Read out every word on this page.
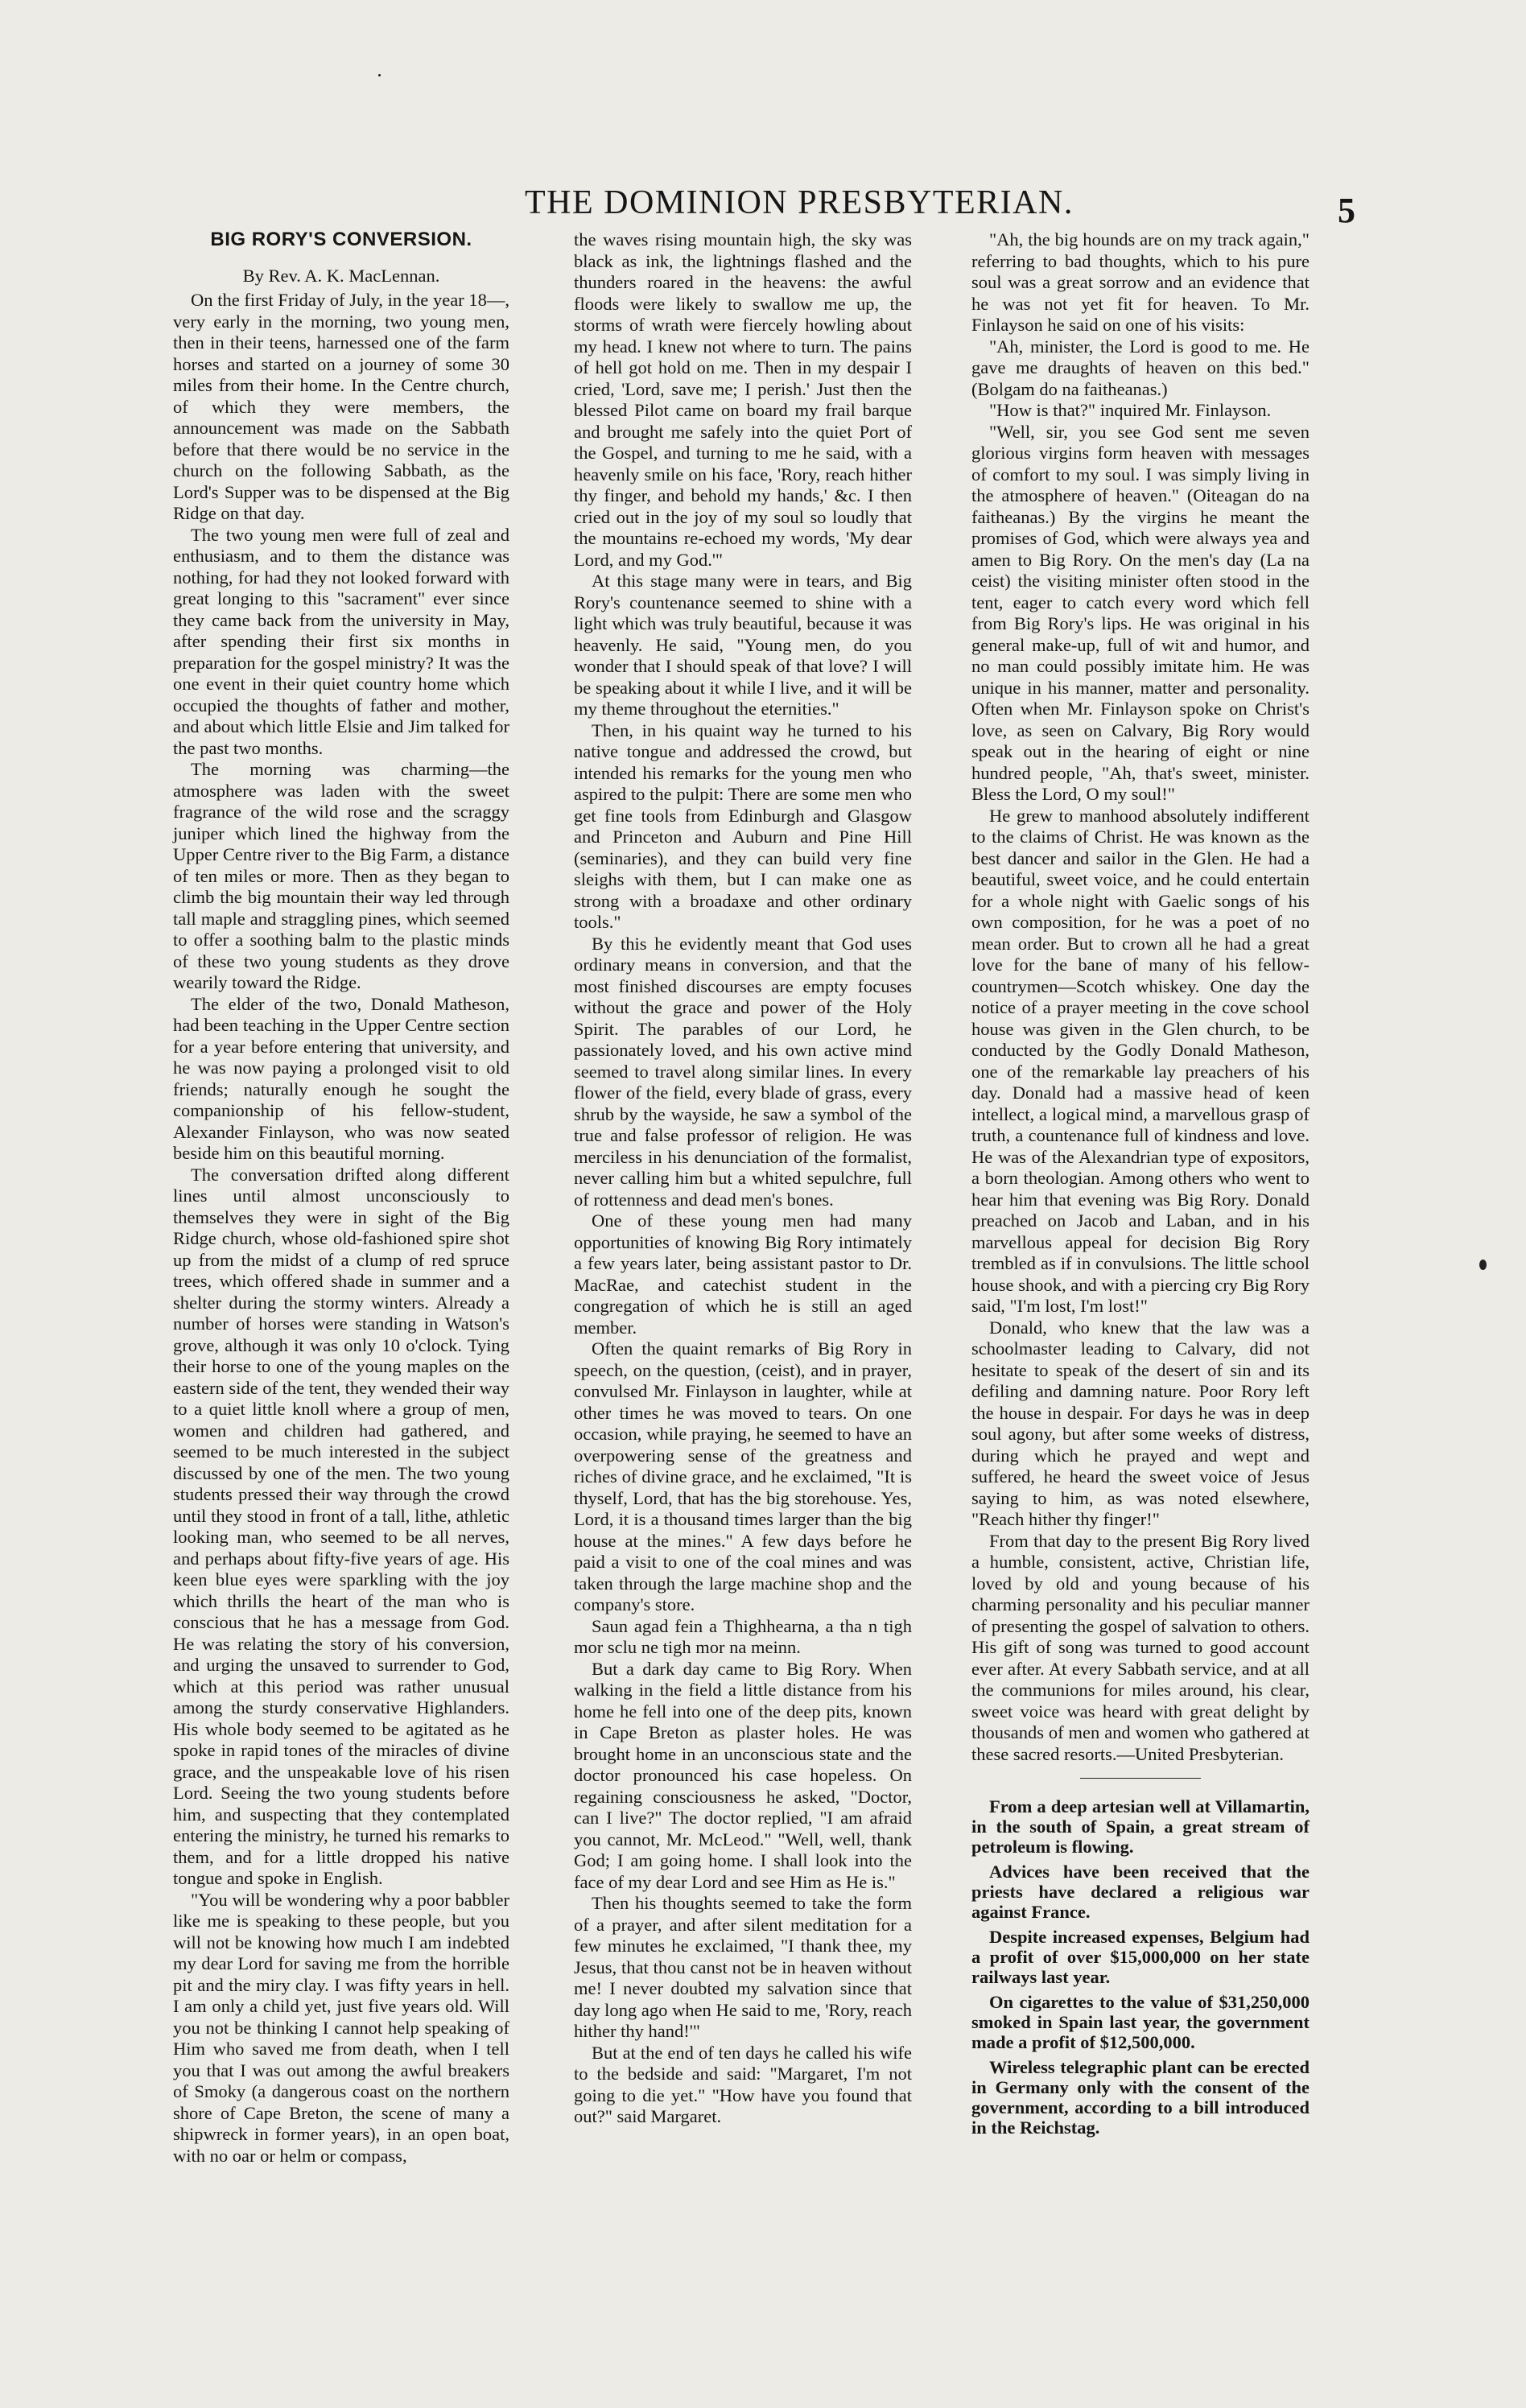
THE DOMINION PRESBYTERIAN.	5
BIG RORY'S CONVERSION.
By Rev. A. K. MacLennan.

On the first Friday of July, in the year 18—, very early in the morning, two young men, then in their teens, harnessed one of the farm horses and started on a journey of some 30 miles from their home. In the Centre church, of which they were members, the announcement was made on the Sabbath before that there would be no service in the church on the following Sabbath, as the Lord's Supper was to be dispensed at the Big Ridge on that day.

The two young men were full of zeal and enthusiasm, and to them the distance was nothing, for had they not looked forward with great longing to this "sacrament" ever since they came back from the university in May, after spending their first six months in preparation for the gospel ministry? It was the one event in their quiet country home which occupied the thoughts of father and mother, and about which little Elsie and Jim talked for the past two months.

The morning was charming—the atmosphere was laden with the sweet fragrance of the wild rose and the scraggy juniper which lined the highway from the Upper Centre river to the Big Farm, a distance of ten miles or more. Then as they began to climb the big mountain their way led through tall maple and straggling pines, which seemed to offer a soothing balm to the plastic minds of these two young students as they drove wearily toward the Ridge.

The elder of the two, Donald Matheson, had been teaching in the Upper Centre section for a year before entering that university, and he was now paying a prolonged visit to old friends; naturally enough he sought the companionship of his fellow-student, Alexander Finlayson, who was now seated beside him on this beautiful morning.

The conversation drifted along different lines until almost unconsciously to themselves they were in sight of the Big Ridge church, whose old-fashioned spire shot up from the midst of a clump of red spruce trees, which offered shade in summer and a shelter during the stormy winters. Already a number of horses were standing in Watson's grove, although it was only 10 o'clock. Tying their horse to one of the young maples on the eastern side of the tent, they wended their way to a quiet little knoll where a group of men, women and children had gathered, and seemed to be much interested in the subject discussed by one of the men. The two young students pressed their way through the crowd until they stood in front of a tall, lithe, athletic looking man, who seemed to be all nerves, and perhaps about fifty-five years of age. His keen blue eyes were sparkling with the joy which thrills the heart of the man who is conscious that he has a message from God. He was relating the story of his conversion, and urging the unsaved to surrender to God, which at this period was rather unusual among the sturdy conservative Highlanders. His whole body seemed to be agitated as he spoke in rapid tones of the miracles of divine grace, and the unspeakable love of his risen Lord. Seeing the two young students before him, and suspecting that they contemplated entering the ministry, he turned his remarks to them, and for a little dropped his native tongue and spoke in English.

"You will be wondering why a poor babbler like me is speaking to these people, but you will not be knowing how much I am indebted my dear Lord for saving me from the horrible pit and the miry clay. I was fifty years in hell. I am only a child yet, just five years old. Will you not be thinking I cannot help speaking of Him who saved me from death, when I tell you that I was out among the awful breakers of Smoky (a dangerous coast on the northern shore of Cape Breton, the scene of many a shipwreck in former years), in an open boat, with no oar or helm or compass,

the waves rising mountain high, the sky was black as ink, the lightnings flashed and the thunders roared in the heavens: the awful floods were likely to swallow me up, the storms of wrath were fiercely howling about my head. I knew not where to turn. The pains of hell got hold on me. Then in my despair I cried, 'Lord, save me; I perish.' Just then the blessed Pilot came on board my frail barque and brought me safely into the quiet Port of the Gospel, and turning to me he said, with a heavenly smile on his face, 'Rory, reach hither thy finger, and behold my hands,' &c. I then cried out in the joy of my soul so loudly that the mountains re-echoed my words, 'My dear Lord, and my God.'"

At this stage many were in tears, and Big Rory's countenance seemed to shine with a light which was truly beautiful, because it was heavenly. He said, "Young men, do you wonder that I should speak of that love? I will be speaking about it while I live, and it will be my theme throughout the eternities."

Then, in his quaint way he turned to his native tongue and addressed the crowd, but intended his remarks for the young men who aspired to the pulpit: There are some men who get fine tools from Edinburgh and Glasgow and Princeton and Auburn and Pine Hill (seminaries), and they can build very fine sleighs with them, but I can make one as strong with a broadaxe and other ordinary tools."

By this he evidently meant that God uses ordinary means in conversion, and that the most finished discourses are empty focuses without the grace and power of the Holy Spirit. The parables of our Lord, he passionately loved, and his own active mind seemed to travel along similar lines. In every flower of the field, every blade of grass, every shrub by the wayside, he saw a symbol of the true and false professor of religion. He was merciless in his denunciation of the formalist, never calling him but a whited sepulchre, full of rottenness and dead men's bones.

One of these young men had many opportunities of knowing Big Rory intimately a few years later, being assistant pastor to Dr. MacRae, and catechist student in the congregation of which he is still an aged member.

Often the quaint remarks of Big Rory in speech, on the question, (ceist), and in prayer, convulsed Mr. Finlayson in laughter, while at other times he was moved to tears. On one occasion, while praying, he seemed to have an overpowering sense of the greatness and riches of divine grace, and he exclaimed, "It is thyself, Lord, that has the big storehouse. Yes, Lord, it is a thousand times larger than the big house at the mines." A few days before he paid a visit to one of the coal mines and was taken through the large machine shop and the company's store.

Saun agad fein a Thighhearna, a tha n tigh mor sclu ne tigh mor na meinn.

But a dark day came to Big Rory. When walking in the field a little distance from his home he fell into one of the deep pits, known in Cape Breton as plaster holes. He was brought home in an unconscious state and the doctor pronounced his case hopeless. On regaining consciousness he asked, "Doctor, can I live?" The doctor replied, "I am afraid you cannot, Mr. McLeod." "Well, well, thank God; I am going home. I shall look into the face of my dear Lord and see Him as He is."

Then his thoughts seemed to take the form of a prayer, and after silent meditation for a few minutes he exclaimed, "I thank thee, my Jesus, that thou canst not be in heaven without me! I never doubted my salvation since that day long ago when He said to me, 'Rory, reach hither thy hand!'"

But at the end of ten days he called his wife to the bedside and said: "Margaret, I'm not going to die yet." "How have you found that out?" said Margaret.

"Ah, the big hounds are on my track again," referring to bad thoughts, which to his pure soul was a great sorrow and an evidence that he was not yet fit for heaven. To Mr. Finlayson he said on one of his visits:

"Ah, minister, the Lord is good to me. He gave me draughts of heaven on this bed." (Bolgam do na faitheanas.)

"How is that?" inquired Mr. Finlayson.

"Well, sir, you see God sent me seven glorious virgins form heaven with messages of comfort to my soul. I was simply living in the atmosphere of heaven." (Oiteagan do na faitheanas.) By the virgins he meant the promises of God, which were always yea and amen to Big Rory. On the men's day (La na ceist) the visiting minister often stood in the tent, eager to catch every word which fell from Big Rory's lips. He was original in his general make-up, full of wit and humor, and no man could possibly imitate him. He was unique in his manner, matter and personality. Often when Mr. Finlayson spoke on Christ's love, as seen on Calvary, Big Rory would speak out in the hearing of eight or nine hundred people, "Ah, that's sweet, minister. Bless the Lord, O my soul!"

He grew to manhood absolutely indifferent to the claims of Christ. He was known as the best dancer and sailor in the Glen. He had a beautiful, sweet voice, and he could entertain for a whole night with Gaelic songs of his own composition, for he was a poet of no mean order. But to crown all he had a great love for the bane of many of his fellow-countrymen—Scotch whiskey. One day the notice of a prayer meeting in the cove school house was given in the Glen church, to be conducted by the Godly Donald Matheson, one of the remarkable lay preachers of his day. Donald had a massive head of keen intellect, a logical mind, a marvellous grasp of truth, a countenance full of kindness and love. He was of the Alexandrian type of expositors, a born theologian. Among others who went to hear him that evening was Big Rory. Donald preached on Jacob and Laban, and in his marvellous appeal for decision Big Rory trembled as if in convulsions. The little school house shook, and with a piercing cry Big Rory said, "I'm lost, I'm lost!"

Donald, who knew that the law was a schoolmaster leading to Calvary, did not hesitate to speak of the desert of sin and its defiling and damning nature. Poor Rory left the house in despair. For days he was in deep soul agony, but after some weeks of distress, during which he prayed and wept and suffered, he heard the sweet voice of Jesus saying to him, as was noted elsewhere, "Reach hither thy finger!"

From that day to the present Big Rory lived a humble, consistent, active, Christian life, loved by old and young because of his charming personality and his peculiar manner of presenting the gospel of salvation to others. His gift of song was turned to good account ever after. At every Sabbath service, and at all the communions for miles around, his clear, sweet voice was heard with great delight by thousands of men and women who gathered at these sacred resorts.—United Presbyterian.

From a deep artesian well at Villamartin, in the south of Spain, a great stream of petroleum is flowing.

Advices have been received that the priests have declared a religious war against France.

Despite increased expenses, Belgium had a profit of over $15,000,000 on her state railways last year.

On cigarettes to the value of $31,250,000 smoked in Spain last year, the government made a profit of $12,500,000.

Wireless telegraphic plant can be erected in Germany only with the consent of the government, according to a bill introduced in the Reichstag.
